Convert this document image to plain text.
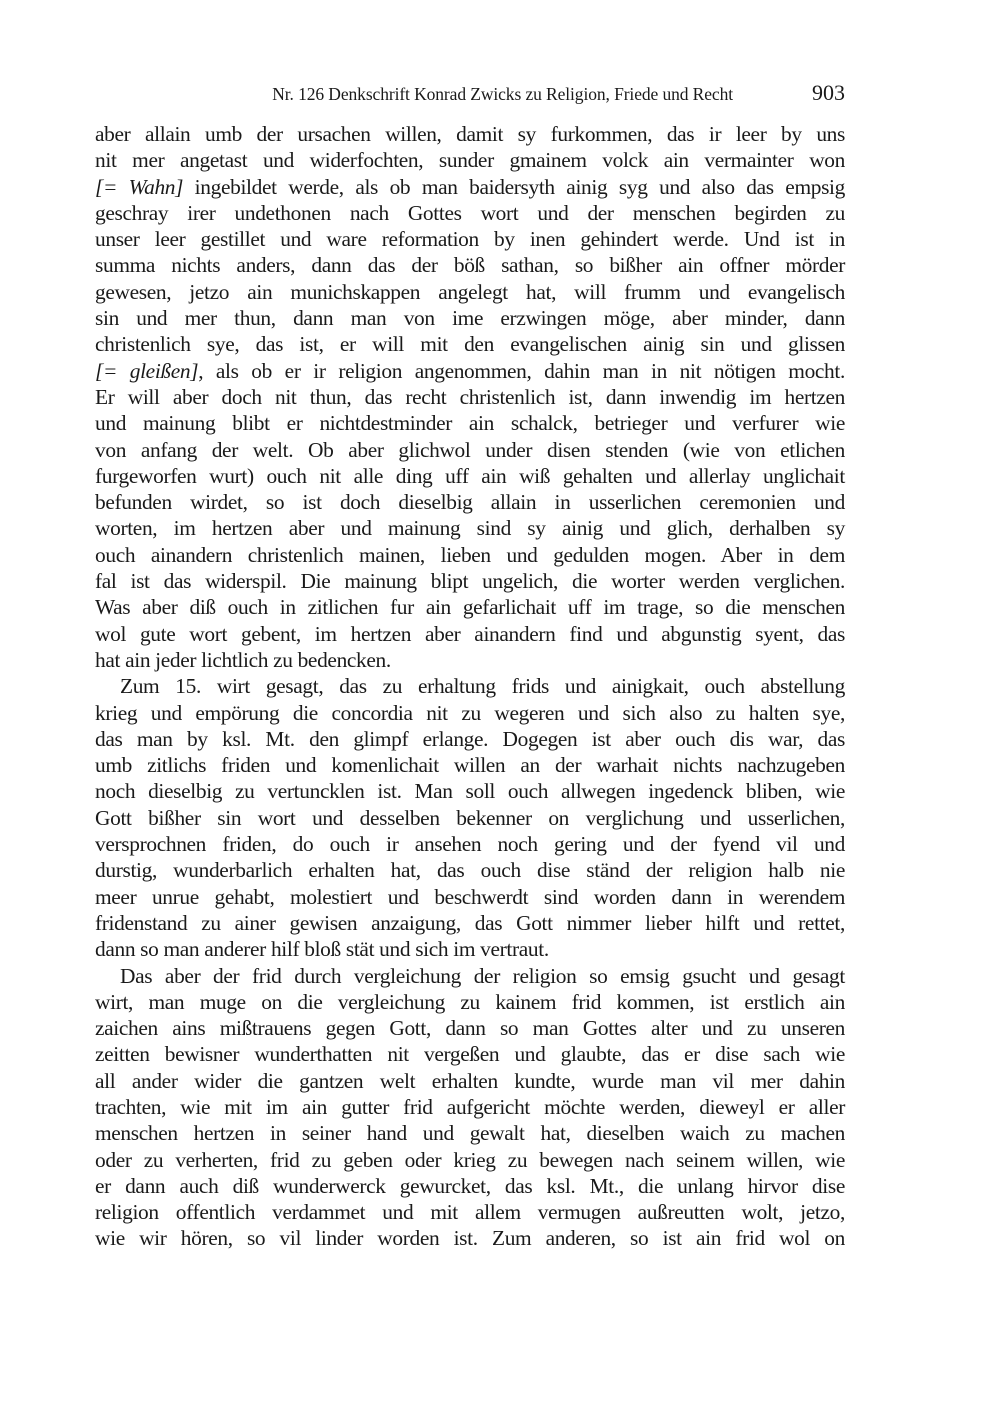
Nr. 126 Denkschrift Konrad Zwicks zu Religion, Friede und Recht	903
aber allain umb der ursachen willen, damit sy furkommen, das ir leer by uns
nit mer angetast und widerfochten, sunder gmainem volck ain vermainter won
[= Wahn] ingebildet werde, als ob man baidersyth ainig syg und also das empsig
geschray irer undethonen nach Gottes wort und der menschen begirden zu
unser leer gestillet und ware reformation by inen gehindert werde. Und ist in
summa nichts anders, dann das der böß sathan, so bißher ain offner mörder
gewesen, jetzo ain munichskappen angelegt hat, will frumm und evangelisch
sin und mer thun, dann man von ime erzwingen möge, aber minder, dann
christenlich sye, das ist, er will mit den evangelischen ainig sin und glissen
[= gleißen], als ob er ir religion angenommen, dahin man in nit nötigen mocht.
Er will aber doch nit thun, das recht christenlich ist, dann inwendig im hertzen
und mainung blibt er nichtdestminder ain schalck, betrieger und verfurer wie
von anfang der welt. Ob aber glichwol under disen stenden (wie von etlichen
furgeworfen wurt) ouch nit alle ding uff ain wiß gehalten und allerlay unglichait
befunden wirdet, so ist doch dieselbig allain in usserlichen ceremonien und
worten, im hertzen aber und mainung sind sy ainig und glich, derhalben sy
ouch ainandern christenlich mainen, lieben und gedulden mogen. Aber in dem
fal ist das widerspil. Die mainung blipt ungelich, die worter werden verglichen.
Was aber diß ouch in zitlichen fur ain gefarlichait uff im trage, so die menschen
wol gute wort gebent, im hertzen aber ainandern find und abgunstig syent, das
hat ain jeder lichtlich zu bedencken.
Zum 15. wirt gesagt, das zu erhaltung frids und ainigkait, ouch abstellung
krieg und empörung die concordia nit zu wegeren und sich also zu halten sye,
das man by ksl. Mt. den glimpf erlange. Dogegen ist aber ouch dis war, das
umb zitlichs friden und komenlichait willen an der warhait nichts nachzugeben
noch dieselbig zu vertuncklen ist. Man soll ouch allwegen ingedenck bliben, wie
Gott bißher sin wort und desselben bekenner on verglichung und usserlichen,
versprochnen friden, do ouch ir ansehen noch gering und der fyend vil und
durstig, wunderbarlich erhalten hat, das ouch dise ständ der religion halb nie
meer unrue gehabt, molestiert und beschwerdt sind worden dann in werendem
fridenstand zu ainer gewisen anzaigung, das Gott nimmer lieber hilft und rettet,
dann so man anderer hilf bloß stät und sich im vertraut.
Das aber der frid durch vergleichung der religion so emsig gsucht und gesagt
wirt, man muge on die vergleichung zu kainem frid kommen, ist erstlich ain
zaichen ains mißtrauens gegen Gott, dann so man Gottes alter und zu unseren
zeitten bewisner wunderthatten nit vergeßen und glaubte, das er dise sach wie
all ander wider die gantzen welt erhalten kundte, wurde man vil mer dahin
trachten, wie mit im ain gutter frid aufgericht möchte werden, dieweyl er aller
menschen hertzen in seiner hand und gewalt hat, dieselben waich zu machen
oder zu verherten, frid zu geben oder krieg zu bewegen nach seinem willen, wie
er dann auch diß wunderwerck gewurcket, das ksl. Mt., die unlang hirvor dise
religion offentlich verdammet und mit allem vermugen außreutten wolt, jetzo,
wie wir hören, so vil linder worden ist. Zum anderen, so ist ain frid wol on
